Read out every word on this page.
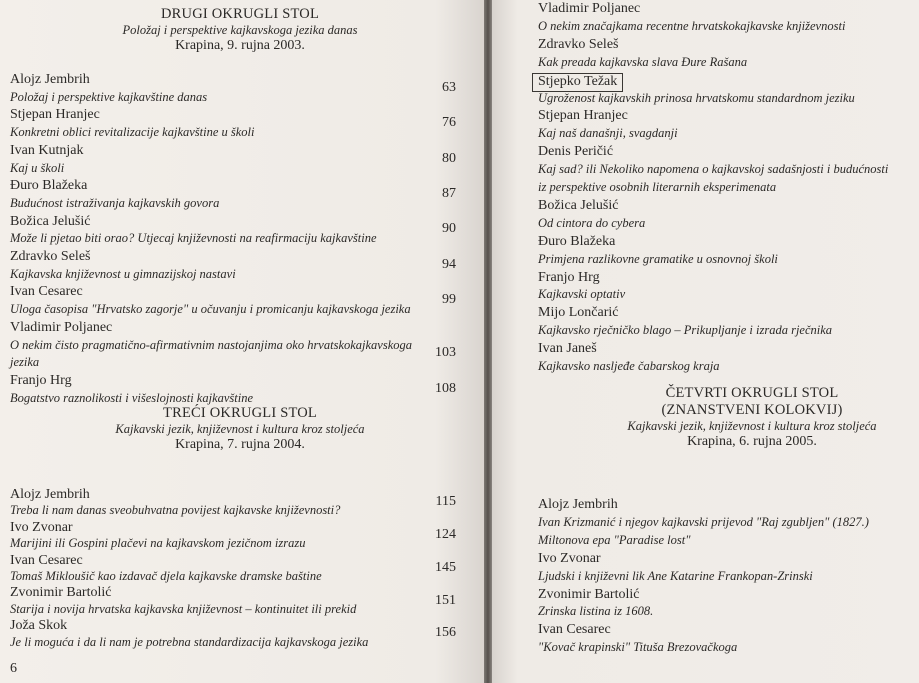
DRUGI OKRUGLI STOL
Položaj i perspektive kajkavskoga jezika danas
Krapina, 9. rujna 2003.
Alojz Jembrih
Položaj i perspektive kajkavštine danas
63
Stjepan Hranjec
Konkretni oblici revitalizacije kajkavštine u školi
76
Ivan Kutnjak
Kaj u školi
80
Đuro Blažeka
Budućnost istraživanja kajkavskih govora
87
Božica Jelušić
Može li pjetao biti orao? Utjecaj književnosti na reafirmaciju kajkavštine
90
Zdravko Seleš
Kajkavska književnost u gimnazijskoj nastavi
94
Ivan Cesarec
Uloga časopisa "Hrvatsko zagorje" u očuvanju i promicanju kajkavskoga jezika
99
Vladimir Poljanec
O nekim čisto pragmatično-afirmativnim nastojanjima oko hrvatskokajkavskoga
jezika
103
Franjo Hrg
Bogatstvo raznolikosti i višeslojnosti kajkavštine
108
TREĆI OKRUGLI STOL
Kajkavski jezik, književnost i kultura kroz stoljeća
Krapina, 7. rujna 2004.
Alojz Jembrih
Treba li nam danas sveobuhvatna povijest kajkavske književnosti?
115
Ivo Zvonar
Marijini ili Gospini plačevi na kajkavskom jezičnom izrazu
124
Ivan Cesarec
Tomaš Mikloušič kao izdavač djela kajkavske dramske baštine
145
Zvonimir Bartolić
Starija i novija hrvatska kajkavska književnost – kontinuitet ili prekid
151
Joža Skok
Je li moguća i da li nam je potrebna standardizacija kajkavskoga jezika
156
6
Vladimir Poljanec
O nekim značajkama recentne hrvatskokajkavske književnosti
Zdravko Seleš
Kak preada kajkavska slava Đure Rašana
Stjepko Težak
Ugroženost kajkavskih prinosa hrvatskomu standardnom jeziku
Stjepan Hranjec
Kaj naš današnji, svagdanji
Denis Peričić
Kaj sad? ili Nekoliko napomena o kajkavskoj sadašnjosti i budućnosti
iz perspektive osobnih literarnih eksperimenata
Božica Jelušić
Od cintora do cybera
Đuro Blažeka
Primjena razlikovne gramatike u osnovnoj školi
Franjo Hrg
Kajkavski optativ
Mijo Lončarić
Kajkavsko rječničko blago – Prikupljanje i izrada rječnika
Ivan Janeš
Kajkavsko nasljeđe čabarskog kraja
ČETVRTI OKRUGLI STOL
(ZNANSTVENI KOLOKVIJ)
Kajkavski jezik, književnost i kultura kroz stoljeća
Krapina, 6. rujna 2005.
Alojz Jembrih
Ivan Krizmanić i njegov kajkavski prijevod "Raj zgubljen" (1827.)
Miltonova epa "Paradise lost"
Ivo Zvonar
Ljudski i književni lik Ane Katarine Frankopan-Zrinski
Zvonimir Bartolić
Zrinska listina iz 1608.
Ivan Cesarec
"Kovač krapinski" Tituša Brezovačkoga
